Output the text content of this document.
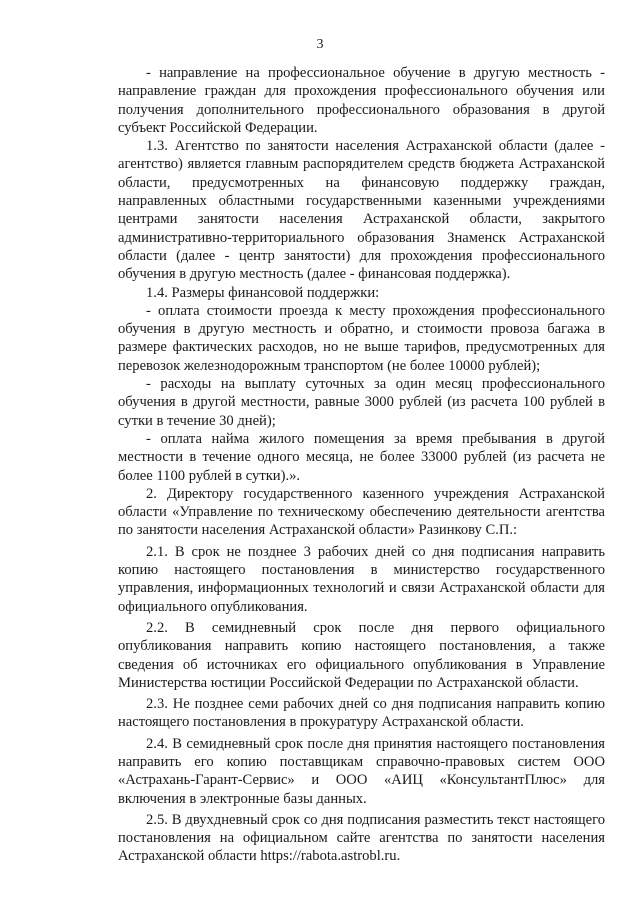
3

- направление на профессиональное обучение в другую местность - направление граждан для прохождения профессионального обучения или получения дополнительного профессионального образования в другой субъект Российской Федерации.

1.3. Агентство по занятости населения Астраханской области (далее - агентство) является главным распорядителем средств бюджета Астраханской области, предусмотренных на финансовую поддержку граждан, направленных областными государственными казенными учреждениями центрами занятости населения Астраханской области, закрытого административно-территориального образования Знаменск Астраханской области (далее - центр занятости) для прохождения профессионального обучения в другую местность (далее - финансовая поддержка).

1.4. Размеры финансовой поддержки:

- оплата стоимости проезда к месту прохождения профессионального обучения в другую местность и обратно, и стоимости провоза багажа в размере фактических расходов, но не выше тарифов, предусмотренных для перевозок железнодорожным транспортом (не более 10000 рублей);

- расходы на выплату суточных за один месяц профессионального обучения в другой местности, равные 3000 рублей (из расчета 100 рублей в сутки в течение 30 дней);

- оплата найма жилого помещения за время пребывания в другой местности в течение одного месяца, не более 33000 рублей (из расчета не более 1100 рублей в сутки).».

2. Директору государственного казенного учреждения Астраханской области «Управление по техническому обеспечению деятельности агентства по занятости населения Астраханской области» Разинкову С.П.:

2.1. В срок не позднее 3 рабочих дней со дня подписания направить копию настоящего постановления в министерство государственного управления, информационных технологий и связи Астраханской области для официального опубликования.

2.2. В семидневный срок после дня первого официального опубликования направить копию настоящего постановления, а также сведения об источниках его официального опубликования в Управление Министерства юстиции Российской Федерации по Астраханской области.

2.3. Не позднее семи рабочих дней со дня подписания направить копию настоящего постановления в прокуратуру Астраханской области.

2.4. В семидневный срок после дня принятия настоящего постановления направить его копию поставщикам справочно-правовых систем ООО «Астрахань-Гарант-Сервис» и ООО «АИЦ «КонсультантПлюс» для включения в электронные базы данных.

2.5. В двухдневный срок со дня подписания разместить текст настоящего постановления на официальном сайте агентства по занятости населения Астраханской области https://rabota.astrobl.ru.
